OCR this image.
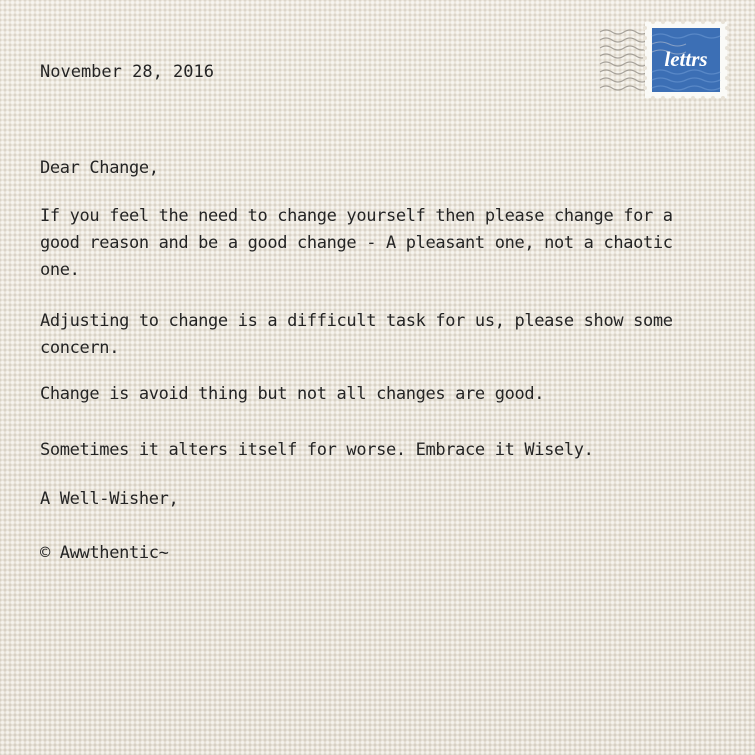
lettrs
November 28, 2016
Dear Change,
If you feel the need to change yourself then please change for a
good reason and be a good change - A pleasant one, not a chaotic
one.
Adjusting to change is a difficult task for us, please show some
concern.
Change is avoid thing but not all changes are good.
Sometimes it alters itself for worse. Embrace it Wisely.
A Well-Wisher,
© Awwthentic~
